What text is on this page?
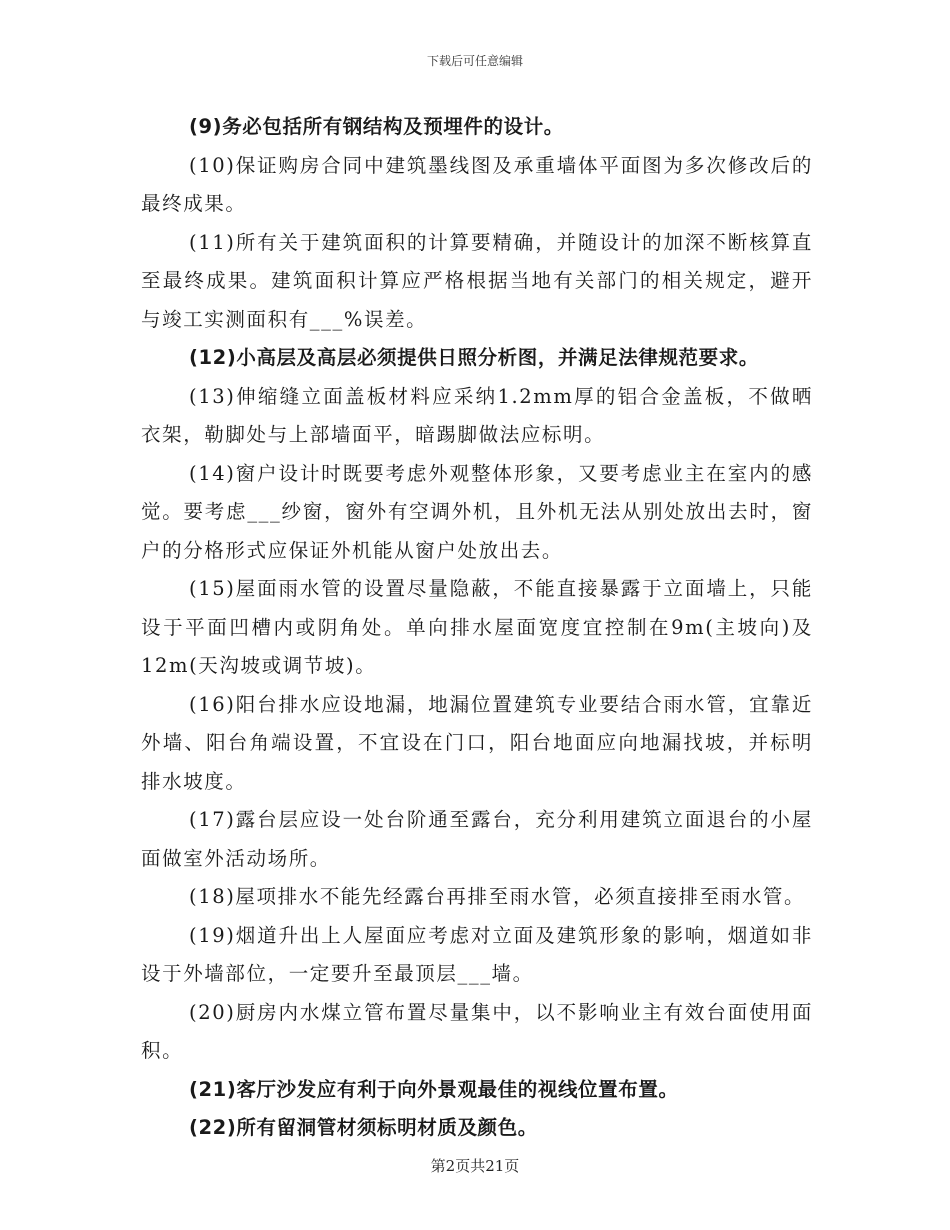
下载后可任意编辑

(9)务必包括所有钢结构及预埋件的设计。

(10)保证购房合同中建筑墨线图及承重墙体平面图为多次修改后的最终成果。

(11)所有关于建筑面积的计算要精确，并随设计的加深不断核算直至最终成果。建筑面积计算应严格根据当地有关部门的相关规定，避开与竣工实测面积有___%误差。

(12)小高层及高层必须提供日照分析图，并满足法律规范要求。

(13)伸缩缝立面盖板材料应采纳1.2mm厚的铝合金盖板，不做晒衣架，勒脚处与上部墙面平，暗踢脚做法应标明。

(14)窗户设计时既要考虑外观整体形象，又要考虑业主在室内的感觉。要考虑___纱窗，窗外有空调外机，且外机无法从别处放出去时，窗户的分格形式应保证外机能从窗户处放出去。

(15)屋面雨水管的设置尽量隐蔽，不能直接暴露于立面墙上，只能设于平面凹槽内或阴角处。单向排水屋面宽度宜控制在9m(主坡向)及12m(天沟坡或调节坡)。

(16)阳台排水应设地漏，地漏位置建筑专业要结合雨水管，宜靠近外墙、阳台角端设置，不宜设在门口，阳台地面应向地漏找坡，并标明排水坡度。

(17)露台层应设一处台阶通至露台，充分利用建筑立面退台的小屋面做室外活动场所。

(18)屋项排水不能先经露台再排至雨水管，必须直接排至雨水管。

(19)烟道升出上人屋面应考虑对立面及建筑形象的影响，烟道如非设于外墙部位，一定要升至最顶层___墙。

(20)厨房内水煤立管布置尽量集中，以不影响业主有效台面使用面积。

(21)客厅沙发应有利于向外景观最佳的视线位置布置。

(22)所有留洞管材须标明材质及颜色。

第2页共21页
